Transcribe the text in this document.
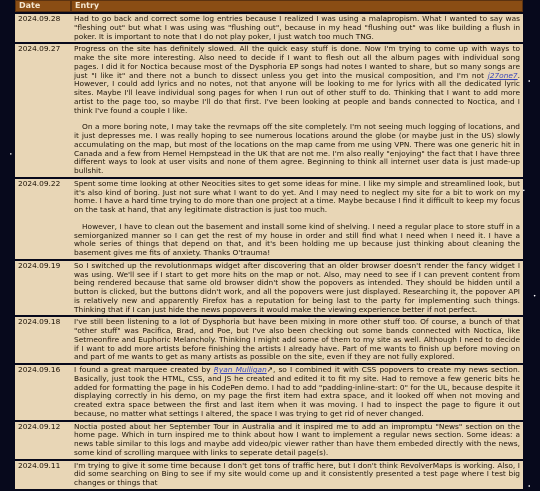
Date	Entry
2024.09.28	Had to go back and correct some log entries because I realized I was using a malapropism. What I wanted to say was "fleshing out" but what I was using was "flushing out", because in my head "flushing out" was like building a flush in poker. It is important to note that I do not play poker, I just watch too much TNG.

2024.09.27	Progress on the site has definitely slowed. All the quick easy stuff is done. Now I'm trying to come up with ways to make the site more interesting. Also need to decide if I want to flesh out all the album pages with individual song pages. I did it for Noctica because most of the Dysphoria EP songs had notes I wanted to share, but so many songs are just "I like it" and there not a bunch to dissect unless you get into the musical composition, and I'm not j27one7. However, I could add lyrics and no notes, not that anyone will be looking to me for lyrics with all the dedicated lyric sites. Maybe I'll leave individual song pages for when I run out of other stuff to do. Thinking that I want to add more artist to the page too, so maybe I'll do that first. I've been looking at people and bands connected to Noctica, and I think I've found a couple I like.

On a more boring note, I may take the revmaps off the site completely. I'm not seeing much logging of locations, and it just depresses me. I was really hoping to see numerous locations around the globe (or maybe just in the US) slowly accumulating on the map, but most of the locations on the map came from me using VPN. There was one generic hit in Canada and a few from Hemel Hempstead in the UK that are not me. I'm also really "enjoying" the fact that I have three different ways to look at user visits and none of them agree. Beginning to think all internet user data is just made-up bullshit.

2024.09.22	Spent some time looking at other Neocities sites to get some ideas for mine. I like my simple and streamlined look, but it's also kind of boring. Just not sure what I want to do yet. And I may need to neglect my site for a bit to work on my home. I have a hard time trying to do more than one project at a time. Maybe because I find it difficult to keep my focus on the task at hand, that any legitimate distraction is just too much.

However, I have to clean out the basement and install some kind of shelving. I need a regular place to store stuff in a semiorganized manner so I can get the rest of my house in order and still find what I need when I need it. I have a whole series of things that depend on that, and it's been holding me up because just thinking about cleaning the basement gives me fits of anxiety. Thanks O'trauma!

2024.09.19	So I switched up the revolutionmaps widget after discovering that an older browser doesn't render the fancy widget I was using. We'll see if I start to get more hits on the map or not. Also, may need to see if I can prevent content from being rendered because that same old browser didn't show the popovers as intended. They should be hidden until a button is clicked, but the buttons didn't work, and all the popovers were just displayed. Researching it, the popover API is relatively new and apparently Firefox has a reputation for being last to the party for implementing such things. Thinking that if I can just hide the news popovers it would make the viewing experience better if not perfect.

2024.09.18	I've still been listening to a lot of Dysphoria but have been mixing in more other stuff too. Of course, a bunch of that "other stuff" was Pacifica, Brad, and Poe, but I've also been checking out some bands connected with Noctica, like Setmeonfire and Euphoric Melancholy. Thinking I might add some of them to my site as well. Although I need to decide if I want to add more artists before finishing the artists I already have. Part of me wants to finish up before moving on and part of me wants to get as many artists as possible on the site, even if they are not fully explored.

2024.09.16	I found a great marquee created by Ryan Mulligan↗, so I combined it with CSS popovers to create my news section. Basically, just took the HTML, CSS, and JS he created and edited it to fit my site. Had to remove a few generic bits he added for formatting the page in his CodePen demo. I had to add "padding-inline-start: 0" for the UL, because despite it displaying correctly in his demo, on my page the first item had extra space, and it looked off when not moving and created extra space between the first and last item when it was moving. I had to inspect the page to figure it out because, no matter what settings I altered, the space I was trying to get rid of never changed.

2024.09.12	Noctia posted about her September Tour in Australia and it inspired me to add an impromptu "News" section on the home page. Which in turn inspired me to think about how I want to implement a regular news section. Some ideas: a news table similar to this logs and maybe add video/pic viewer rather than have them embeded directly with the news, some kind of scrolling marquee with links to seperate detail page(s).

2024.09.11	I'm trying to give it some time because I don't get tons of traffic here, but I don't think RevolverMaps is working. Also, I did some searching on Bing to see if my site would come up and it consistently presented a test page where I test big changes or things that
